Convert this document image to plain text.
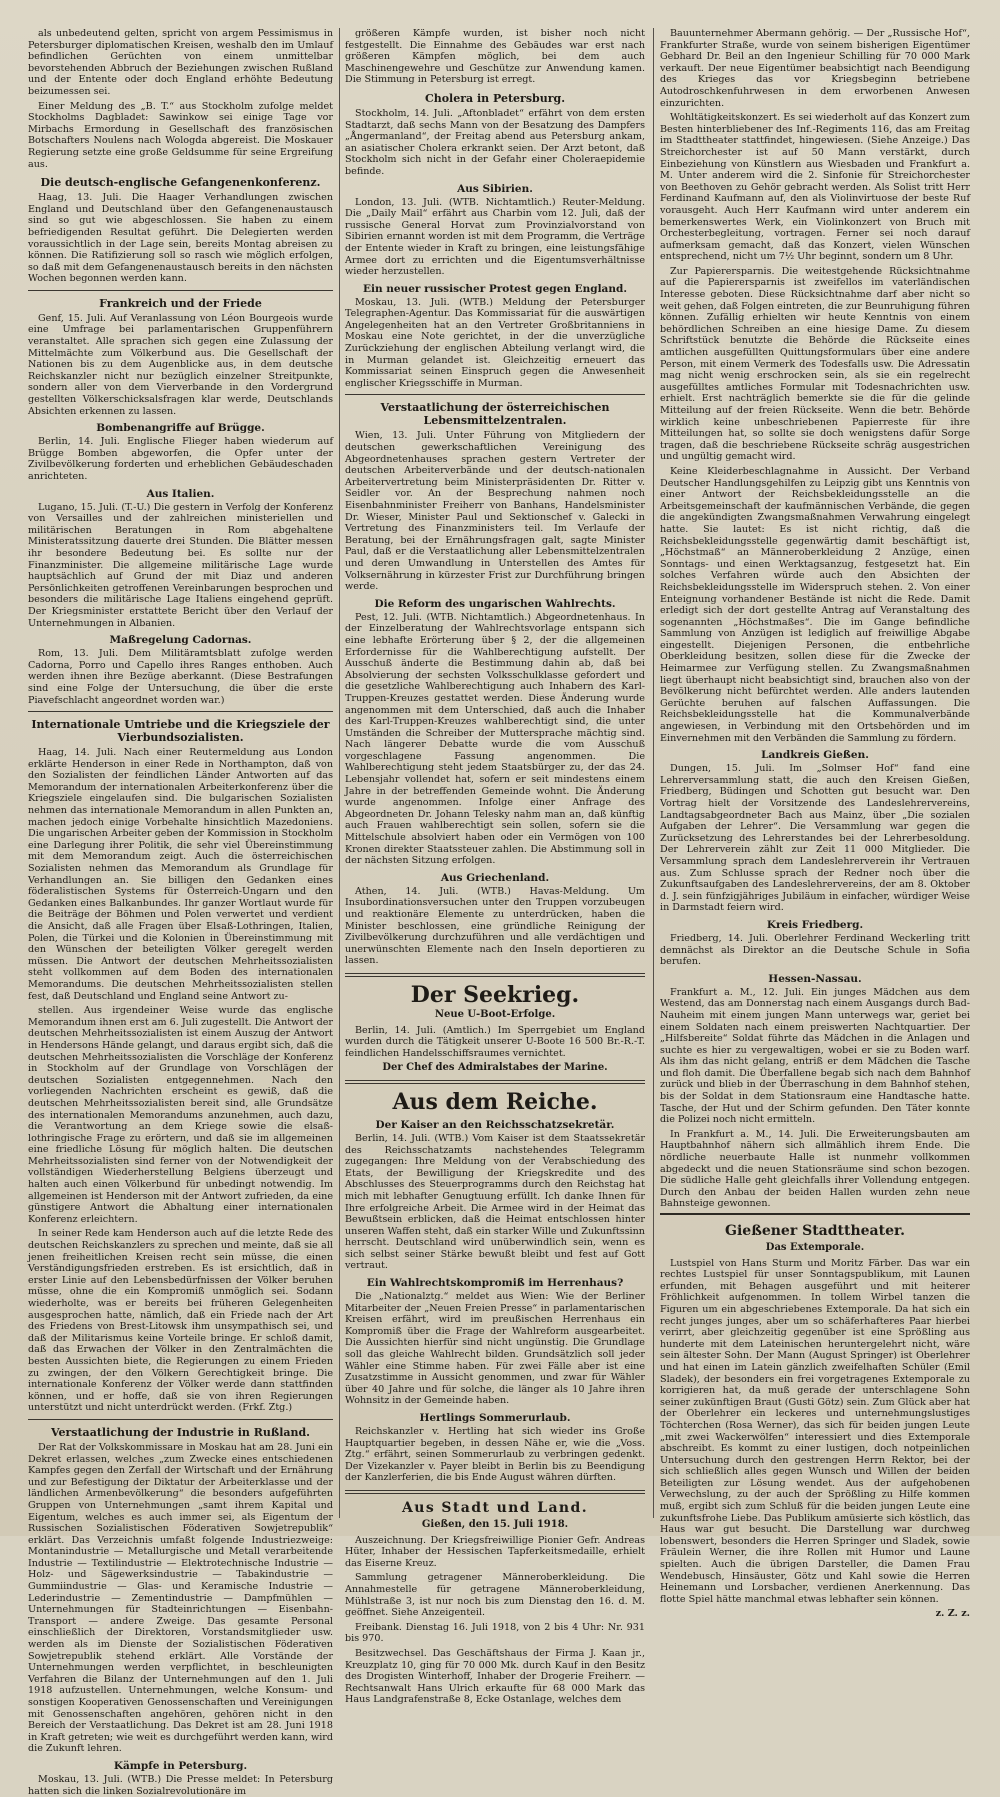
als unbedeutend gelten, spricht von argem Pessimismus in Petersburger diplomatischen Kreisen, weshalb den im Umlauf befindlichen Gerüchten von einem unmittelbar bevorstehenden Abbruch der Beziehungen zwischen Rußland und der Entente oder doch England erhöhte Bedeutung beizumessen sei.

Einer Meldung des „B. T.“ aus Stockholm zufolge meldet Stockholms Dagbladet: Sawinkow sei einige Tage vor Mirbachs Ermordung in Gesellschaft des französischen Botschafters Noulens nach Wologda abgereist. Die Moskauer Regierung setzte eine große Geldsumme für seine Ergreifung aus.

Die deutsch-englische Gefangenenkonferenz.

Haag, 13. Juli. Die Haager Verhandlungen zwischen England und Deutschland über den Gefangenenaustausch sind so gut wie abgeschlossen. Sie haben zu einem befriedigenden Resultat geführt. Die Delegierten werden voraussichtlich in der Lage sein, bereits Montag abreisen zu können. Die Ratifizierung soll so rasch wie möglich erfolgen, so daß mit dem Gefangenenaustausch bereits in den nächsten Wochen begonnen werden kann.

Frankreich und der Friede

Genf, 15. Juli. Auf Veranlassung von Léon Bourgeois wurde eine Umfrage bei parlamentarischen Gruppenführern veranstaltet. Alle sprachen sich gegen eine Zulassung der Mittelmächte zum Völkerbund aus. Die Gesellschaft der Nationen bis zu dem Augenblicke aus, in dem deutsche Reichskanzler nicht nur bezüglich einzelner Streitpunkte, sondern aller von dem Vierverbande in den Vordergrund gestellten Völkerschicksalsfragen klar werde, Deutschlands Absichten erkennen zu lassen.

Bombenangriffe auf Brügge.

Berlin, 14. Juli. Englische Flieger haben wiederum auf Brügge Bomben abgeworfen, die Opfer unter der Zivilbevölkerung forderten und erheblichen Gebäudeschaden anrichteten.

Aus Italien.

Lugano, 15. Juli. (T.-U.) Die gestern in Verfolg der Konferenz von Versailles und der zahlreichen ministeriellen und militärischen Beratungen in Rom abgehaltene Ministeratssitzung dauerte drei Stunden. Die Blätter messen ihr besondere Bedeutung bei. Es sollte nur der Finanzminister. Die allgemeine militärische Lage wurde hauptsächlich auf Grund der mit Diaz und anderen Persönlichkeiten getroffenen Vereinbarungen besprochen und besonders die militärische Lage Italiens eingehend geprüft. Der Kriegsminister erstattete Bericht über den Verlauf der Unternehmungen in Albanien.

Maßregelung Cadornas.

Rom, 13. Juli. Dem Militäramtsblatt zufolge werden Cadorna, Porro und Capello ihres Ranges enthoben. Auch werden ihnen ihre Bezüge aberkannt. (Diese Bestrafungen sind eine Folge der Untersuchung, die über die erste Piavefschlacht angeordnet worden war.)

Internationale Umtriebe und die Kriegsziele der Vierbundsozialisten.

Haag, 14. Juli. Nach einer Reutermeldung aus London erklärte Henderson in einer Rede in Northampton, daß von den Sozialisten der feindlichen Länder Antworten auf das Memorandum der internationalen Arbeiterkonferenz über die Kriegsziele eingelaufen sind. Die bulgarischen Sozialisten nehmen das internationale Memorandum in allen Punkten an, machen jedoch einige Vorbehalte hinsichtlich Mazedoniens. Die ungarischen Arbeiter geben der Kommission in Stockholm eine Darlegung ihrer Politik, die sehr viel Übereinstimmung mit dem Memorandum zeigt. Auch die österreichischen Sozialisten nehmen das Memorandum als Grundlage für Verhandlungen an. Sie billigen den Gedanken eines föderalistischen Systems für Österreich-Ungarn und den Gedanken eines Balkanbundes. Ihr ganzer Wortlaut wurde für die Beiträge der Böhmen und Polen verwertet und verdient die Ansicht, daß alle Fragen über Elsaß-Lothringen, Italien, Polen, die Türkei und die Kolonien in Übereinstimmung mit den Wünschen der beteiligten Völker geregelt werden müssen. Die Antwort der deutschen Mehrheitssozialisten steht vollkommen auf dem Boden des internationalen Memorandums. Die deutschen Mehrheitssozialisten stellen fest, daß Deutschland und England seine Antwort zu-

stellen. Aus irgendeiner Weise wurde das englische Memorandum ihnen erst am 6. Juli zugestellt. Die Antwort der deutschen Mehrheitssozialisten ist einem Auszug der Antwort in Hendersons Hände gelangt, und daraus ergibt sich, daß die deutschen Mehrheitssozialisten die Vorschläge der Konferenz in Stockholm auf der Grundlage von Vorschlägen der deutschen Sozialisten entgegennehmen. Nach den vorliegenden Nachrichten erscheint es gewiß, daß die deutschen Mehrheitssozialisten bereit sind, alle Grundsätze des internationalen Memorandums anzunehmen, auch dazu, die Verantwortung an dem Kriege sowie die elsaß-lothringische Frage zu erörtern, und daß sie im allgemeinen eine friedliche Lösung für möglich halten. Die deutschen Mehrheitssozialisten sind ferner von der Notwendigkeit der vollständigen Wiederherstellung Belgiens überzeugt und halten auch einen Völkerbund für unbedingt notwendig. Im allgemeinen ist Henderson mit der Antwort zufrieden, da eine günstigere Antwort die Abhaltung einer internationalen Konferenz erleichtern.

In seiner Rede kam Henderson auch auf die letzte Rede des deutschen Reichskanzlers zu sprechen und meinte, daß sie all jenen freiheitlichen Kreisen recht sein müsse, die einen Verständigungsfrieden erstreben. Es ist ersichtlich, daß in erster Linie auf den Lebensbedürfnissen der Völker beruhen müsse, ohne die ein Kompromiß unmöglich sei. Sodann wiederholte, was er bereits bei früheren Gelegenheiten ausgesprochen hatte, nämlich, daß ein Friede nach der Art des Friedens von Brest-Litowsk ihm unsympathisch sei, und daß der Militarismus keine Vorteile bringe. Er schloß damit, daß das Erwachen der Völker in den Zentralmächten die besten Aussichten biete, die Regierungen zu einem Frieden zu zwingen, der den Völkern Gerechtigkeit bringe. Die internationale Konferenz der Völker werde dann stattfinden können, und er hoffe, daß sie von ihren Regierungen unterstützt und nicht unterdrückt werden. (Frkf. Ztg.)

Verstaatlichung der Industrie in Rußland.

Der Rat der Volkskommissare in Moskau hat am 28. Juni ein Dekret erlassen, welches „zum Zwecke eines entschiedenen Kampfes gegen den Zerfall der Wirtschaft und der Ernährung und zur Befestigung der Diktatur der Arbeiterklasse und der ländlichen Armenbevölkerung“ die besonders aufgeführten Gruppen von Unternehmungen „samt ihrem Kapital und Eigentum, welches es auch immer sei, als Eigentum der Russischen Sozialistischen Föderativen Sowjetrepublik“ erklärt. Das Verzeichnis umfaßt folgende Industriezweige: Montanindustrie — Metallurgische und Metall verarbeitende Industrie — Textilindustrie — Elektrotechnische Industrie — Holz- und Sägewerksindustrie — Tabakindustrie — Gummiindustrie — Glas- und Keramische Industrie — Lederindustrie — Zementindustrie — Dampfmühlen — Unternehmungen für Stadteinrichtungen — Eisenbahn-Transport — andere Zweige. Das gesamte Personal einschließlich der Direktoren, Vorstandsmitglieder usw. werden als im Dienste der Sozialistischen Föderativen Sowjetrepublik stehend erklärt. Alle Vorstände der Unternehmungen werden verpflichtet, in beschleunigten Verfahren die Bilanz der Unternehmungen auf den 1. Juli 1918 aufzustellen. Unternehmungen, welche Konsum- und sonstigen Kooperativen Genossenschaften und Vereinigungen mit Genossenschaften angehören, gehören nicht in den Bereich der Verstaatlichung. Das Dekret ist am 28. Juni 1918 in Kraft getreten; wie weit es durchgeführt werden kann, wird die Zukunft lehren.

Kämpfe in Petersburg.

Moskau, 13. Juli. (WTB.) Die Presse meldet: In Petersburg hatten sich die linken Sozialrevolutionäre im

größeren Kämpfe wurden, ist bisher noch nicht festgestellt. Die Einnahme des Gebäudes war erst nach größeren Kämpfen möglich, bei dem auch Maschinengewehre und Geschütze zur Anwendung kamen. Die Stimmung in Petersburg ist erregt.

Cholera in Petersburg.

Stockholm, 14. Juli. „Aftonbladet“ erfährt von dem ersten Stadtarzt, daß sechs Mann von der Besatzung des Dampfers „Ångermanland“, der Freitag abend aus Petersburg ankam, an asiatischer Cholera erkrankt seien. Der Arzt betont, daß Stockholm sich nicht in der Gefahr einer Choleraepidemie befinde.

Aus Sibirien.

London, 13. Juli. (WTB. Nichtamtlich.) Reuter-Meldung. Die „Daily Mail“ erfährt aus Charbin vom 12. Juli, daß der russische General Horvat zum Provinzialvorstand von Sibirien ernannt worden ist mit dem Programm, die Verträge der Entente wieder in Kraft zu bringen, eine leistungsfähige Armee dort zu errichten und die Eigentumsverhältnisse wieder herzustellen.

Ein neuer russischer Protest gegen England.

Moskau, 13. Juli. (WTB.) Meldung der Petersburger Telegraphen-Agentur. Das Kommissariat für die auswärtigen Angelegenheiten hat an den Vertreter Großbritanniens in Moskau eine Note gerichtet, in der die unverzügliche Zurückziehung der englischen Abteilung verlangt wird, die in Murman gelandet ist. Gleichzeitig erneuert das Kommissariat seinen Einspruch gegen die Anwesenheit englischer Kriegsschiffe in Murman.

Verstaatlichung der österreichischen Lebensmittelzentralen.

Wien, 13. Juli. Unter Führung von Mitgliedern der deutschen gewerkschaftlichen Vereinigung des Abgeordnetenhauses sprachen gestern Vertreter der deutschen Arbeiterverbände und der deutsch-nationalen Arbeitervertretung beim Ministerpräsidenten Dr. Ritter v. Seidler vor. An der Besprechung nahmen noch Eisenbahnminister Freiherr von Banhans, Handelsminister Dr. Wieser, Minister Paul und Sektionschef v. Galecki in Vertretung des Finanzministers teil. Im Verlaufe der Beratung, bei der Ernährungsfragen galt, sagte Minister Paul, daß er die Verstaatlichung aller Lebensmittelzentralen und deren Umwandlung in Unterstellen des Amtes für Volksernährung in kürzester Frist zur Durchführung bringen werde.

Die Reform des ungarischen Wahlrechts.

Pest, 12. Juli. (WTB. Nichtamtlich.) Abgeordnetenhaus. In der Einzelberatung der Wahlrechtsvorlage entspann sich eine lebhafte Erörterung über § 2, der die allgemeinen Erfordernisse für die Wahlberechtigung aufstellt. Der Ausschuß änderte die Bestimmung dahin ab, daß bei Absolvierung der sechsten Volksschulklasse gefordert und die gesetzliche Wahlberechtigung auch Inhabern des Karl-Truppen-Kreuzes gestattet werden. Diese Änderung wurde angenommen mit dem Unterschied, daß auch die Inhaber des Karl-Truppen-Kreuzes wahlberechtigt sind, die unter Umständen die Schreiber der Muttersprache mächtig sind. Nach längerer Debatte wurde die vom Ausschuß vorgeschlagene Fassung angenommen. Die Wahlberechtigung steht jedem Staatsbürger zu, der das 24. Lebensjahr vollendet hat, sofern er seit mindestens einem Jahre in der betreffenden Gemeinde wohnt. Die Änderung wurde angenommen. Infolge einer Anfrage des Abgeordneten Dr. Johann Telesky nahm man an, daß künftig auch Frauen wahlberechtigt sein sollen, sofern sie die Mittelschule absolviert haben oder ein Vermögen von 100 Kronen direkter Staatssteuer zahlen. Die Abstimmung soll in der nächsten Sitzung erfolgen.

Aus Griechenland.

Athen, 14. Juli. (WTB.) Havas-Meldung. Um Insubordinationsversuchen unter den Truppen vorzubeugen und reaktionäre Elemente zu unterdrücken, haben die Minister beschlossen, eine gründliche Reinigung der Zivilbevölkerung durchzuführen und alle verdächtigen und unerwünschten Elemente nach den Inseln deportieren zu lassen.

Der Seekrieg.
Neue U-Boot-Erfolge.

Berlin, 14. Juli. (Amtlich.) Im Sperrgebiet um England wurden durch die Tätigkeit unserer U-Boote 16 500 Br.-R.-T. feindlichen Handelsschiffsraumes vernichtet.

Der Chef des Admiralstabes der Marine.
Aus dem Reiche.
Der Kaiser an den Reichsschatzsekretär.

Berlin, 14. Juli. (WTB.) Vom Kaiser ist dem Staatssekretär des Reichsschatzamts nachstehendes Telegramm zugegangen: Ihre Meldung von der Verabschiedung des Etats, der Bewilligung der Kriegskredite und des Abschlusses des Steuerprogramms durch den Reichstag hat mich mit lebhafter Genugtuung erfüllt. Ich danke Ihnen für Ihre erfolgreiche Arbeit. Die Armee wird in der Heimat das Bewußtsein erblicken, daß die Heimat entschlossen hinter unseren Waffen steht, daß ein starker Wille und Zukunftssinn herrscht. Deutschland wird unüberwindlich sein, wenn es sich selbst seiner Stärke bewußt bleibt und fest auf Gott vertraut.

Ein Wahlrechtskompromiß im Herrenhaus?

Die „Nationalztg.“ meldet aus Wien: Wie der Berliner Mitarbeiter der „Neuen Freien Presse“ in parlamentarischen Kreisen erfährt, wird im preußischen Herrenhaus ein Kompromiß über die Frage der Wahlreform ausgearbeitet. Die Aussichten hierfür sind nicht ungünstig. Die Grundlage soll das gleiche Wahlrecht bilden. Grundsätzlich soll jeder Wähler eine Stimme haben. Für zwei Fälle aber ist eine Zusatzstimme in Aussicht genommen, und zwar für Wähler über 40 Jahre und für solche, die länger als 10 Jahre ihren Wohnsitz in der Gemeinde haben.

Hertlings Sommerurlaub.

Reichskanzler v. Hertling hat sich wieder ins Große Hauptquartier begeben, in dessen Nähe er, wie die „Voss. Ztg.“ erfährt, seinen Sommerurlaub zu verbringen gedenkt. Der Vizekanzler v. Payer bleibt in Berlin bis zu Beendigung der Kanzlerferien, die bis Ende August währen dürften.

Aus Stadt und Land.
Gießen, den 15. Juli 1918.

Auszeichnung. Der Kriegsfreiwillige Pionier Gefr. Andreas Hüter, Inhaber der Hessischen Tapferkeitsmedaille, erhielt das Eiserne Kreuz.

Sammlung getragener Männeroberkleidung. Die Annahmestelle für getragene Männeroberkleidung, Mühlstraße 3, ist nur noch bis zum Dienstag den 16. d. M. geöffnet. Siehe Anzeigenteil.

Freibank. Dienstag 16. Juli 1918, von 2 bis 4 Uhr: Nr. 931 bis 970.

Besitzwechsel. Das Geschäftshaus der Firma J. Kaan jr., Kreuzplatz 10, ging für 70 000 Mk. durch Kauf in den Besitz des Drogisten Winterhoff, Inhaber der Drogerie Freiherr. — Rechtsanwalt Hans Ulrich erkaufte für 68 000 Mark das Haus Landgrafenstraße 8, Ecke Ostanlage, welches dem

Bauunternehmer Abermann gehörig. — Der „Russische Hof“, Frankfurter Straße, wurde von seinem bisherigen Eigentümer Gebhard Dr. Beil an den Ingenieur Schilling für 70 000 Mark verkauft. Der neue Eigentümer beabsichtigt nach Beendigung des Krieges das vor Kriegsbeginn betriebene Autodroschkenfuhrwesen in dem erworbenen Anwesen einzurichten.

Wohltätigkeitskonzert. Es sei wiederholt auf das Konzert zum Besten hinterbliebener des Inf.-Regiments 116, das am Freitag im Stadttheater stattfindet, hingewiesen. (Siehe Anzeige.) Das Streichorchester ist auf 50 Mann verstärkt, durch Einbeziehung von Künstlern aus Wiesbaden und Frankfurt a. M. Unter anderem wird die 2. Sinfonie für Streichorchester von Beethoven zu Gehör gebracht werden. Als Solist tritt Herr Ferdinand Kaufmann auf, den als Violinvirtuose der beste Ruf vorausgeht. Auch Herr Kaufmann wird unter anderem ein bemerkenswertes Werk, ein Violinkonzert von Bruch mit Orchesterbegleitung, vortragen. Ferner sei noch darauf aufmerksam gemacht, daß das Konzert, vielen Wünschen entsprechend, nicht um 7½ Uhr beginnt, sondern um 8 Uhr.

Zur Papierersparnis. Die weitestgehende Rücksichtnahme auf die Papierersparnis ist zweifellos im vaterländischen Interesse geboten. Diese Rücksichtnahme darf aber nicht so weit gehen, daß Folgen eintreten, die zur Beunruhigung führen können. Zufällig erhielten wir heute Kenntnis von einem behördlichen Schreiben an eine hiesige Dame. Zu diesem Schriftstück benutzte die Behörde die Rückseite eines amtlichen ausgefüllten Quittungsformulars über eine andere Person, mit einem Vermerk des Todesfalls usw. Die Adressatin mag nicht wenig erschrocken sein, als sie ein regelrecht ausgefülltes amtliches Formular mit Todesnachrichten usw. erhielt. Erst nachträglich bemerkte sie die für die gelinde Mitteilung auf der freien Rückseite. Wenn die betr. Behörde wirklich keine unbeschriebenen Papierreste für ihre Mitteilungen hat, so sollte sie doch wenigstens dafür Sorge tragen, daß die beschriebene Rückseite schräg ausgestrichen und ungültig gemacht wird.

Keine Kleiderbeschlagnahme in Aussicht. Der Verband Deutscher Handlungsgehilfen zu Leipzig gibt uns Kenntnis von einer Antwort der Reichsbekleidungsstelle an die Arbeitsgemeinschaft der kaufmännischen Verbände, die gegen die angekündigten Zwangsmaßnahmen Verwahrung eingelegt hatte. Sie lautet: Es ist nicht richtig, daß die Reichsbekleidungsstelle gegenwärtig damit beschäftigt ist, „Höchstmaß“ an Männeroberkleidung 2 Anzüge, einen Sonntags- und einen Werktagsanzug, festgesetzt hat. Ein solches Verfahren würde auch den Absichten der Reichsbekleidungsstelle im Widerspruch stehen. 2. Von einer Enteignung vorhandener Bestände ist nicht die Rede. Damit erledigt sich der dort gestellte Antrag auf Veranstaltung des sogenannten „Höchstmaßes“. Die im Gange befindliche Sammlung von Anzügen ist lediglich auf freiwillige Abgabe eingestellt. Diejenigen Personen, die entbehrliche Oberkleidung besitzen, sollen diese für die Zwecke der Heimarmee zur Verfügung stellen. Zu Zwangsmaßnahmen liegt überhaupt nicht beabsichtigt sind, brauchen also von der Bevölkerung nicht befürchtet werden. Alle anders lautenden Gerüchte beruhen auf falschen Auffassungen. Die Reichsbekleidungsstelle hat die Kommunalverbände angewiesen, in Verbindung mit den Ortsbehörden und im Einvernehmen mit den Verbänden die Sammlung zu fördern.

Landkreis Gießen.

Dungen, 15. Juli. Im „Solmser Hof“ fand eine Lehrerversammlung statt, die auch den Kreisen Gießen, Friedberg, Büdingen und Schotten gut besucht war. Den Vortrag hielt der Vorsitzende des Landeslehrervereins, Landtagsabgeordneter Bach aus Mainz, über „Die sozialen Aufgaben der Lehrer“. Die Versammlung war gegen die Zurücksetzung des Lehrerstandes bei der Lehrerbesoldung. Der Lehrerverein zählt zur Zeit 11 000 Mitglieder. Die Versammlung sprach dem Landeslehrerverein ihr Vertrauen aus. Zum Schlusse sprach der Redner noch über die Zukunftsaufgaben des Landeslehrervereins, der am 8. Oktober d. J. sein fünfzigjähriges Jubiläum in einfacher, würdiger Weise in Darmstadt feiern wird.

Kreis Friedberg.

Friedberg, 14. Juli. Oberlehrer Ferdinand Weckerling tritt demnächst als Direktor an die Deutsche Schule in Sofia berufen.

Hessen-Nassau.

Frankfurt a. M., 12. Juli. Ein junges Mädchen aus dem Westend, das am Donnerstag nach einem Ausgangs durch Bad-Nauheim mit einem jungen Mann unterwegs war, geriet bei einem Soldaten nach einem preiswerten Nachtquartier. Der „Hilfsbereite“ Soldat führte das Mädchen in die Anlagen und suchte es hier zu vergewaltigen, wobei er sie zu Boden warf. Als ihm das nicht gelang, entriß er dem Mädchen die Tasche und floh damit. Die Überfallene begab sich nach dem Bahnhof zurück und blieb in der Überraschung in dem Bahnhof stehen, bis der Soldat in dem Stationsraum eine Handtasche hatte. Tasche, der Hut und der Schirm gefunden. Den Täter konnte die Polizei noch nicht ermitteln.

In Frankfurt a. M., 14. Juli. Die Erweiterungsbauten am Hauptbahnhof nähern sich allmählich ihrem Ende. Die nördliche neuerbaute Halle ist nunmehr vollkommen abgedeckt und die neuen Stationsräume sind schon bezogen. Die südliche Halle geht gleichfalls ihrer Vollendung entgegen. Durch den Anbau der beiden Hallen wurden zehn neue Bahnsteige gewonnen.

Gießener Stadttheater.
Das Extemporale.

Lustspiel von Hans Sturm und Moritz Färber. Das war ein rechtes Lustspiel für unser Sonntagspublikum, mit Launen erfunden, mit Behagen ausgeführt und mit heiterer Fröhlichkeit aufgenommen. In tollem Wirbel tanzen die Figuren um ein abgeschriebenes Extemporale. Da hat sich ein recht junges junges, aber um so schäferhafteres Paar hierbei verirrt, aber gleichzeitig gegenüber ist eine Sprößling aus hunderte mit dem Lateinischen heruntergelehrt nicht, wäre sein ältester Sohn. Der Mann (August Springer) ist Oberlehrer und hat einen im Latein gänzlich zweifelhaften Schüler (Emil Sladek), der besonders ein frei vorgetragenes Extemporale zu korrigieren hat, da muß gerade der unterschlagene Sohn seiner zukünftigen Braut (Gusti Götz) sein. Zum Glück aber hat der Oberlehrer ein leckeres und unternehmungslustiges Töchterchen (Rosa Werner), das sich für beiden jungen Leute „mit zwei Wackerwölfen“ interessiert und dies Extemporale abschreibt. Es kommt zu einer lustigen, doch notpeinlichen Untersuchung durch den gestrengen Herrn Rektor, bei der sich schließlich alles gegen Wunsch und Willen der beiden Beteiligten zur Lösung wendet. Aus der aufgehobenen Verwechslung, zu der auch der Sprößling zu Hilfe kommen muß, ergibt sich zum Schluß für die beiden jungen Leute eine zukunftsfrohe Liebe. Das Publikum amüsierte sich köstlich, das Haus war gut besucht. Die Darstellung war durchweg lobenswert, besonders die Herren Springer und Sladek, sowie Fräulein Werner, die ihre Rollen mit Humor und Laune spielten. Auch die übrigen Darsteller, die Damen Frau Wendebusch, Hinsäuster, Götz und Kahl sowie die Herren Heinemann und Lorsbacher, verdienen Anerkennung. Das flotte Spiel hätte manchmal etwas lebhafter sein können.

z. Z. z.
